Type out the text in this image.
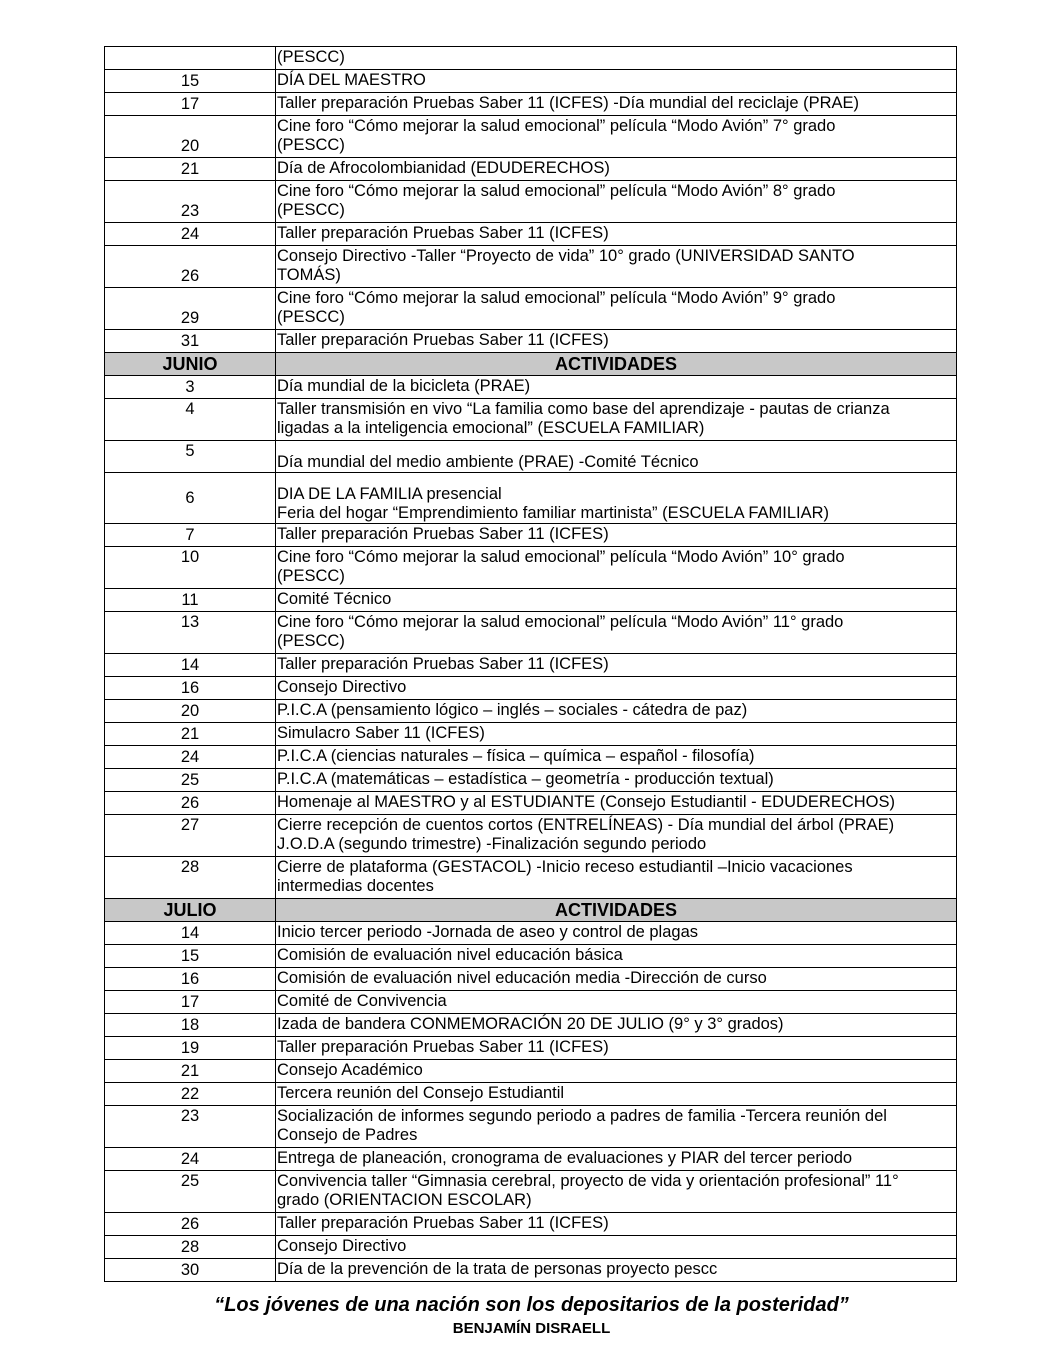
	(PESCC)

15	DÍA DEL MAESTRO

17	Taller preparación Pruebas Saber 11 (ICFES) -Día mundial del reciclaje (PRAE)

20	Cine foro “Cómo mejorar la salud emocional” película “Modo Avión” 7° grado
(PESCC)

21	Día de Afrocolombianidad (EDUDERECHOS)

23	Cine foro “Cómo mejorar la salud emocional” película “Modo Avión” 8° grado
(PESCC)

24	Taller preparación Pruebas Saber 11 (ICFES)

26	Consejo Directivo -Taller “Proyecto de vida” 10° grado (UNIVERSIDAD SANTO
TOMÁS)

29	Cine foro “Cómo mejorar la salud emocional” película “Modo Avión” 9° grado
(PESCC)

31	Taller preparación Pruebas Saber 11 (ICFES)

JUNIO	ACTIVIDADES
3	Día mundial de la bicicleta (PRAE)

4	Taller transmisión en vivo “La familia como base del aprendizaje - pautas de crianza
ligadas a la inteligencia emocional” (ESCUELA FAMILIAR)

5	Día mundial del medio ambiente (PRAE) -Comité Técnico

6	DIA DE LA FAMILIA presencial
Feria del hogar “Emprendimiento familiar martinista” (ESCUELA FAMILIAR)

7	Taller preparación Pruebas Saber 11 (ICFES)

10	Cine foro “Cómo mejorar la salud emocional” película “Modo Avión” 10° grado
(PESCC)

11	Comité Técnico

13	Cine foro “Cómo mejorar la salud emocional” película “Modo Avión” 11° grado
(PESCC)

14	Taller preparación Pruebas Saber 11 (ICFES)

16	Consejo Directivo

20	P.I.C.A (pensamiento lógico – inglés – sociales - cátedra de paz)

21	Simulacro Saber 11 (ICFES)

24	P.I.C.A (ciencias naturales – física – química – español - filosofía)

25	P.I.C.A (matemáticas – estadística – geometría - producción textual)

26	Homenaje al MAESTRO y al ESTUDIANTE (Consejo Estudiantil - EDUDERECHOS)

27	Cierre recepción de cuentos cortos (ENTRELÍNEAS) - Día mundial del árbol (PRAE)
J.O.D.A (segundo trimestre) -Finalización segundo periodo

28	Cierre de plataforma (GESTACOL) -Inicio receso estudiantil –Inicio vacaciones
intermedias docentes

JULIO	ACTIVIDADES
14	Inicio tercer periodo -Jornada de aseo y control de plagas

15	Comisión de evaluación nivel educación básica

16	Comisión de evaluación nivel educación media -Dirección de curso

17	Comité de Convivencia

18	Izada de bandera CONMEMORACIÓN 20 DE JULIO (9° y 3° grados)

19	Taller preparación Pruebas Saber 11 (ICFES)

21	Consejo Académico

22	Tercera reunión del Consejo Estudiantil

23	Socialización de informes segundo periodo a padres de familia -Tercera reunión del
Consejo de Padres

24	Entrega de planeación, cronograma de evaluaciones y PIAR del tercer periodo

25	Convivencia taller “Gimnasia cerebral, proyecto de vida y orientación profesional” 11°
grado (ORIENTACION ESCOLAR)

26	Taller preparación Pruebas Saber 11 (ICFES)

28	Consejo Directivo

30	Día de la prevención de la trata de personas proyecto pescc
“Los jóvenes de una nación son los depositarios de la posteridad”
BENJAMÍN DISRAELL
